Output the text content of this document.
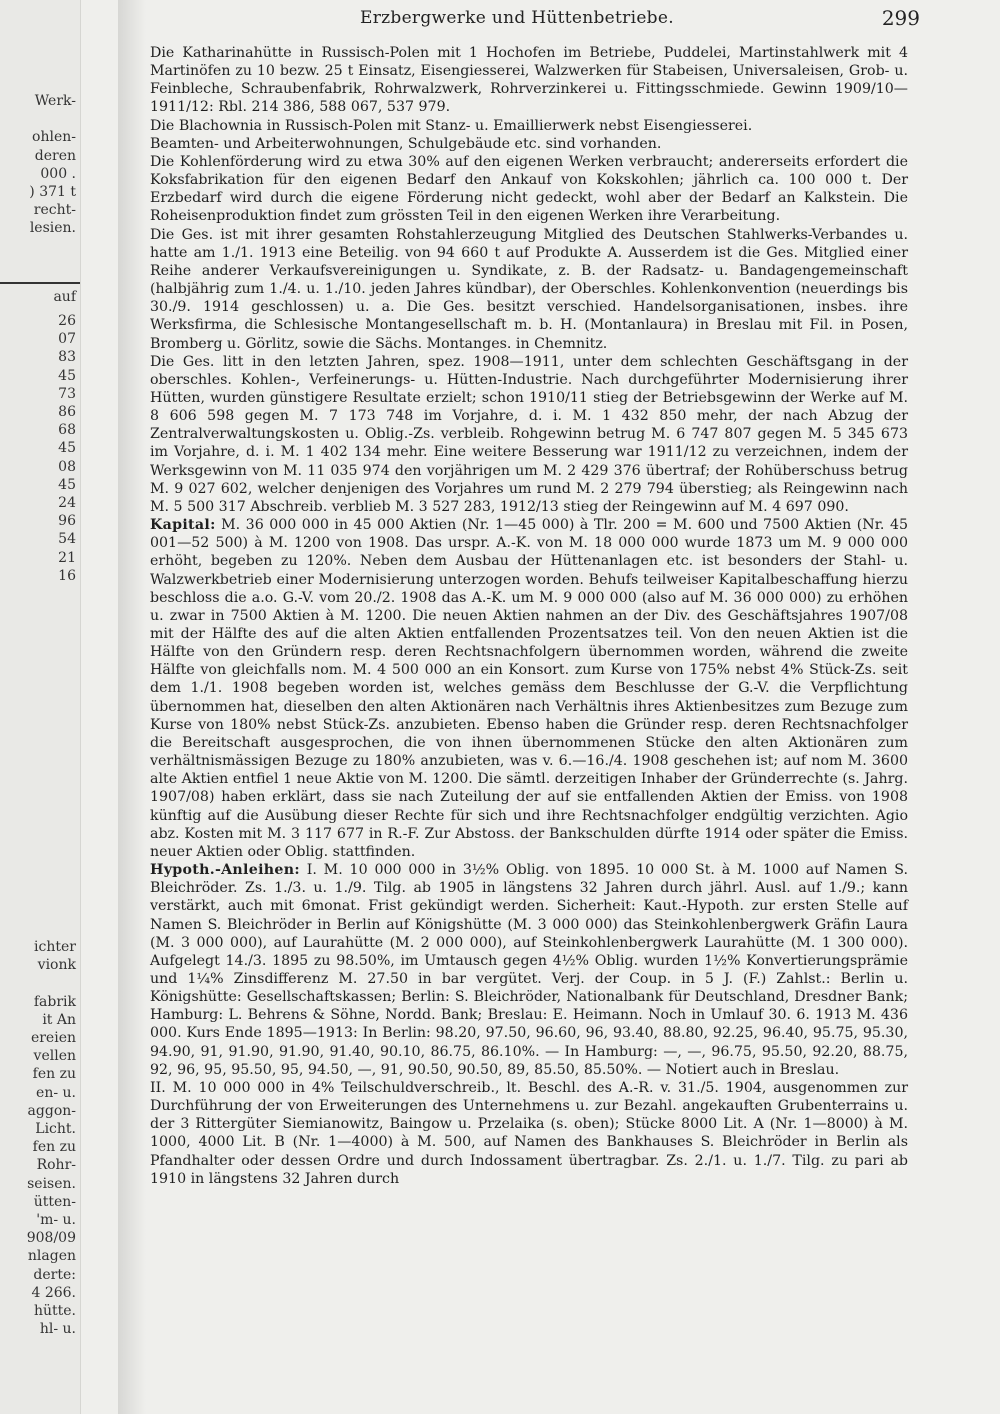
Werk-
ohlen-
deren
000 .
) 371 t
recht-
lesien.
auf
26
07
83
45
73
86
68
45
08
45
24
96
54
21
16
ichter
vionk
fabrik
it An
ereien
vellen
fen zu
en- u.
aggon-
Licht.
fen zu
Rohr-
seisen.
ütten-
'm- u.
908/09
nlagen
derte:
4 266.
hütte.
hl- u.
Erzbergwerke und Hüttenbetriebe.	299

Die Katharinahütte in Russisch-Polen mit 1 Hochofen im Betriebe, Puddelei, Martinstahlwerk mit 4 Martinöfen zu 10 bezw. 25 t Einsatz, Eisengiesserei, Walzwerken für Stabeisen, Universaleisen, Grob- u. Feinbleche, Schraubenfabrik, Rohrwalzwerk, Rohrverzinkerei u. Fittingsschmiede. Gewinn 1909/10—1911/12: Rbl. 214 386, 588 067, 537 979.

Die Blachownia in Russisch-Polen mit Stanz- u. Emaillierwerk nebst Eisengiesserei.

Beamten- und Arbeiterwohnungen, Schulgebäude etc. sind vorhanden.

Die Kohlenförderung wird zu etwa 30% auf den eigenen Werken verbraucht; andererseits erfordert die Koksfabrikation für den eigenen Bedarf den Ankauf von Kokskohlen; jährlich ca. 100 000 t. Der Erzbedarf wird durch die eigene Förderung nicht gedeckt, wohl aber der Bedarf an Kalkstein. Die Roheisenproduktion findet zum grössten Teil in den eigenen Werken ihre Verarbeitung.

Die Ges. ist mit ihrer gesamten Rohstahlerzeugung Mitglied des Deutschen Stahlwerks-Verbandes u. hatte am 1./1. 1913 eine Beteilig. von 94 660 t auf Produkte A. Ausserdem ist die Ges. Mitglied einer Reihe anderer Verkaufsvereinigungen u. Syndikate, z. B. der Radsatz- u. Bandagengemeinschaft (halbjährig zum 1./4. u. 1./10. jeden Jahres kündbar), der Oberschles. Kohlenkonvention (neuerdings bis 30./9. 1914 geschlossen) u. a. Die Ges. besitzt verschied. Handelsorganisationen, insbes. ihre Werksfirma, die Schlesische Montangesellschaft m. b. H. (Montanlaura) in Breslau mit Fil. in Posen, Bromberg u. Görlitz, sowie die Sächs. Montanges. in Chemnitz.

Die Ges. litt in den letzten Jahren, spez. 1908—1911, unter dem schlechten Geschäftsgang in der oberschles. Kohlen-, Verfeinerungs- u. Hütten-Industrie. Nach durchgeführter Modernisierung ihrer Hütten, wurden günstigere Resultate erzielt; schon 1910/11 stieg der Betriebsgewinn der Werke auf M. 8 606 598 gegen M. 7 173 748 im Vorjahre, d. i. M. 1 432 850 mehr, der nach Abzug der Zentralverwaltungskosten u. Oblig.-Zs. verbleib. Rohgewinn betrug M. 6 747 807 gegen M. 5 345 673 im Vorjahre, d. i. M. 1 402 134 mehr. Eine weitere Besserung war 1911/12 zu verzeichnen, indem der Werksgewinn von M. 11 035 974 den vorjährigen um M. 2 429 376 übertraf; der Rohüberschuss betrug M. 9 027 602, welcher denjenigen des Vorjahres um rund M. 2 279 794 überstieg; als Reingewinn nach M. 5 500 317 Abschreib. verblieb M. 3 527 283, 1912/13 stieg der Reingewinn auf M. 4 697 090.

Kapital: M. 36 000 000 in 45 000 Aktien (Nr. 1—45 000) à Tlr. 200 = M. 600 und 7500 Aktien (Nr. 45 001—52 500) à M. 1200 von 1908. Das urspr. A.-K. von M. 18 000 000 wurde 1873 um M. 9 000 000 erhöht, begeben zu 120%. Neben dem Ausbau der Hüttenanlagen etc. ist besonders der Stahl- u. Walzwerkbetrieb einer Modernisierung unterzogen worden. Behufs teilweiser Kapitalbeschaffung hierzu beschloss die a.o. G.-V. vom 20./2. 1908 das A.-K. um M. 9 000 000 (also auf M. 36 000 000) zu erhöhen u. zwar in 7500 Aktien à M. 1200. Die neuen Aktien nahmen an der Div. des Geschäftsjahres 1907/08 mit der Hälfte des auf die alten Aktien entfallenden Prozentsatzes teil. Von den neuen Aktien ist die Hälfte von den Gründern resp. deren Rechtsnachfolgern übernommen worden, während die zweite Hälfte von gleichfalls nom. M. 4 500 000 an ein Konsort. zum Kurse von 175% nebst 4% Stück-Zs. seit dem 1./1. 1908 begeben worden ist, welches gemäss dem Beschlusse der G.-V. die Verpflichtung übernommen hat, dieselben den alten Aktionären nach Verhältnis ihres Aktienbesitzes zum Bezuge zum Kurse von 180% nebst Stück-Zs. anzubieten. Ebenso haben die Gründer resp. deren Rechtsnachfolger die Bereitschaft ausgesprochen, die von ihnen übernommenen Stücke den alten Aktionären zum verhältnismässigen Bezuge zu 180% anzubieten, was v. 6.—16./4. 1908 geschehen ist; auf nom M. 3600 alte Aktien entfiel 1 neue Aktie von M. 1200. Die sämtl. derzeitigen Inhaber der Gründerrechte (s. Jahrg. 1907/08) haben erklärt, dass sie nach Zuteilung der auf sie entfallenden Aktien der Emiss. von 1908 künftig auf die Ausübung dieser Rechte für sich und ihre Rechtsnachfolger endgültig verzichten. Agio abz. Kosten mit M. 3 117 677 in R.-F. Zur Abstoss. der Bankschulden dürfte 1914 oder später die Emiss. neuer Aktien oder Oblig. stattfinden.

Hypoth.-Anleihen: I. M. 10 000 000 in 3½% Oblig. von 1895. 10 000 St. à M. 1000 auf Namen S. Bleichröder. Zs. 1./3. u. 1./9. Tilg. ab 1905 in längstens 32 Jahren durch jährl. Ausl. auf 1./9.; kann verstärkt, auch mit 6monat. Frist gekündigt werden. Sicherheit: Kaut.-Hypoth. zur ersten Stelle auf Namen S. Bleichröder in Berlin auf Königshütte (M. 3 000 000) das Steinkohlenbergwerk Gräfin Laura (M. 3 000 000), auf Laurahütte (M. 2 000 000), auf Steinkohlenbergwerk Laurahütte (M. 1 300 000). Aufgelegt 14./3. 1895 zu 98.50%, im Umtausch gegen 4½% Oblig. wurden 1½% Konvertierungsprämie und 1¼% Zinsdifferenz M. 27.50 in bar vergütet. Verj. der Coup. in 5 J. (F.) Zahlst.: Berlin u. Königshütte: Gesellschaftskassen; Berlin: S. Bleichröder, Nationalbank für Deutschland, Dresdner Bank; Hamburg: L. Behrens & Söhne, Nordd. Bank; Breslau: E. Heimann. Noch in Umlauf 30. 6. 1913 M. 436 000. Kurs Ende 1895—1913: In Berlin: 98.20, 97.50, 96.60, 96, 93.40, 88.80, 92.25, 96.40, 95.75, 95.30, 94.90, 91, 91.90, 91.90, 91.40, 90.10, 86.75, 86.10%. — In Hamburg: —, —, 96.75, 95.50, 92.20, 88.75, 92, 96, 95, 95.50, 95, 94.50, —, 91, 90.50, 90.50, 89, 85.50, 85.50%. — Notiert auch in Breslau.

II. M. 10 000 000 in 4% Teilschuldverschreib., lt. Beschl. des A.-R. v. 31./5. 1904, ausgenommen zur Durchführung der von Erweiterungen des Unternehmens u. zur Bezahl. angekauften Grubenterrains u. der 3 Rittergüter Siemianowitz, Baingow u. Przelaika (s. oben); Stücke 8000 Lit. A (Nr. 1—8000) à M. 1000, 4000 Lit. B (Nr. 1—4000) à M. 500, auf Namen des Bankhauses S. Bleichröder in Berlin als Pfandhalter oder dessen Ordre und durch Indossament übertragbar. Zs. 2./1. u. 1./7. Tilg. zu pari ab 1910 in längstens 32 Jahren durch
